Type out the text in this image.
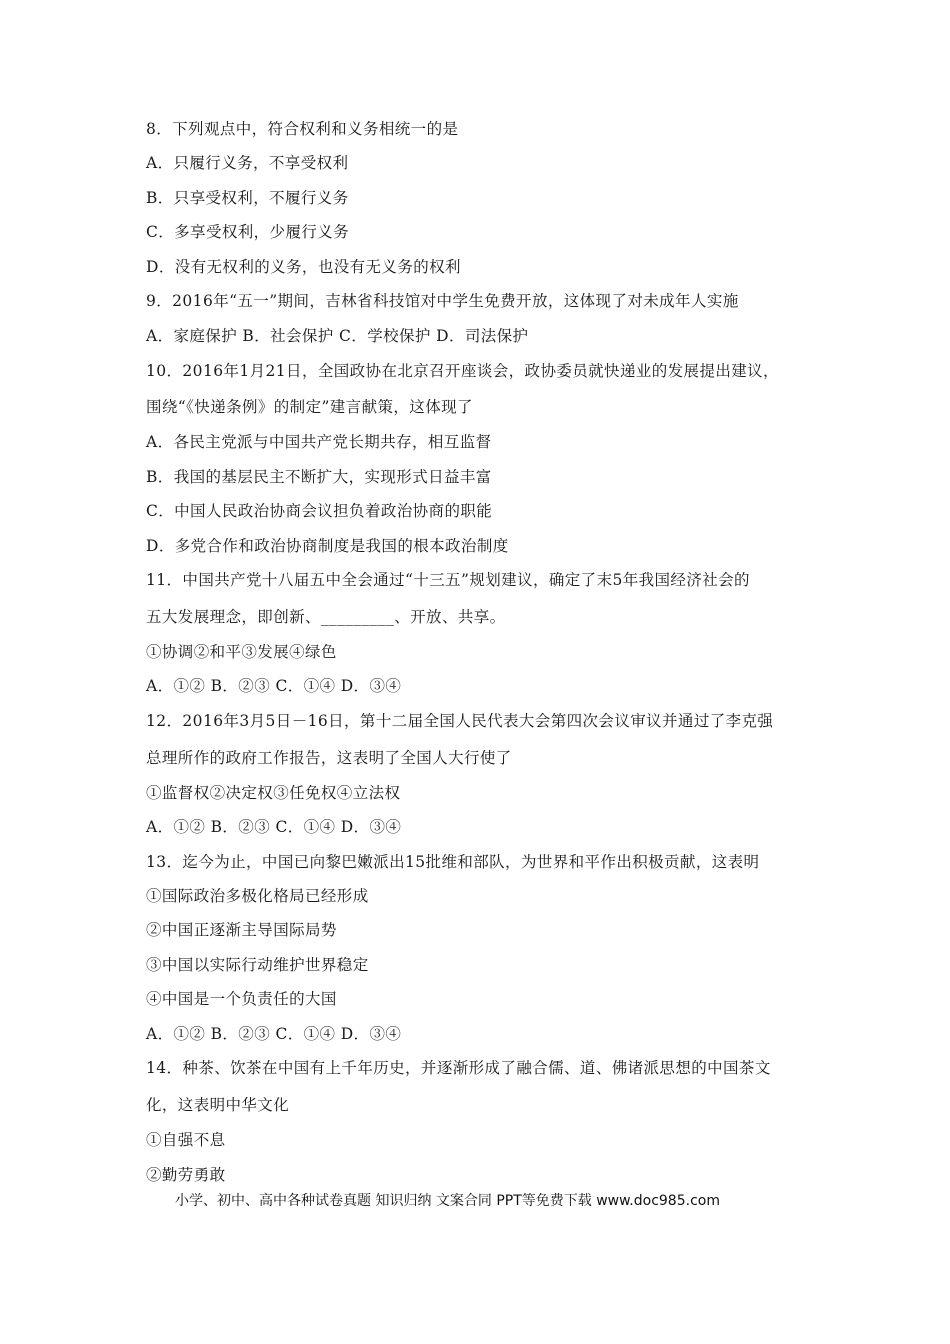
8．下列观点中，符合权利和义务相统一的是
A．只履行义务，不享受权利
B．只享受权利，不履行义务
C．多享受权利，少履行义务
D．没有无权利的义务，也没有无义务的权利
9．2016年“五一”期间，吉林省科技馆对中学生免费开放，这体现了对未成年人实施
A．家庭保护 B．社会保护 C．学校保护 D．司法保护
10．2016年1月21日，全国政协在北京召开座谈会，政协委员就快递业的发展提出建议，
围绕“《快递条例》的制定”建言献策，这体现了
A．各民主党派与中国共产党长期共存，相互监督
B．我国的基层民主不断扩大，实现形式日益丰富
C．中国人民政治协商会议担负着政治协商的职能
D．多党合作和政治协商制度是我国的根本政治制度
11．中国共产党十八届五中全会通过“十三五”规划建议，确定了末5年我国经济社会的
五大发展理念，即创新、_________、开放、共享。
①协调②和平③发展④绿色
A．①② B．②③ C．①④ D．③④
12．2016年3月5日－16日，第十二届全国人民代表大会第四次会议审议并通过了李克强
总理所作的政府工作报告，这表明了全国人大行使了
①监督权②决定权③任免权④立法权
A．①② B．②③ C．①④ D．③④
13．迄今为止，中国已向黎巴嫩派出15批维和部队，为世界和平作出积极贡献，这表明
①国际政治多极化格局已经形成
②中国正逐渐主导国际局势
③中国以实际行动维护世界稳定
④中国是一个负责任的大国
A．①② B．②③ C．①④ D．③④
14．种茶、饮茶在中国有上千年历史，并逐渐形成了融合儒、道、佛诸派思想的中国茶文
化，这表明中华文化
①自强不息
②勤劳勇敢
小学、初中、高中各种试卷真题 知识归纳 文案合同 PPT等免费下载 www.doc985.com
